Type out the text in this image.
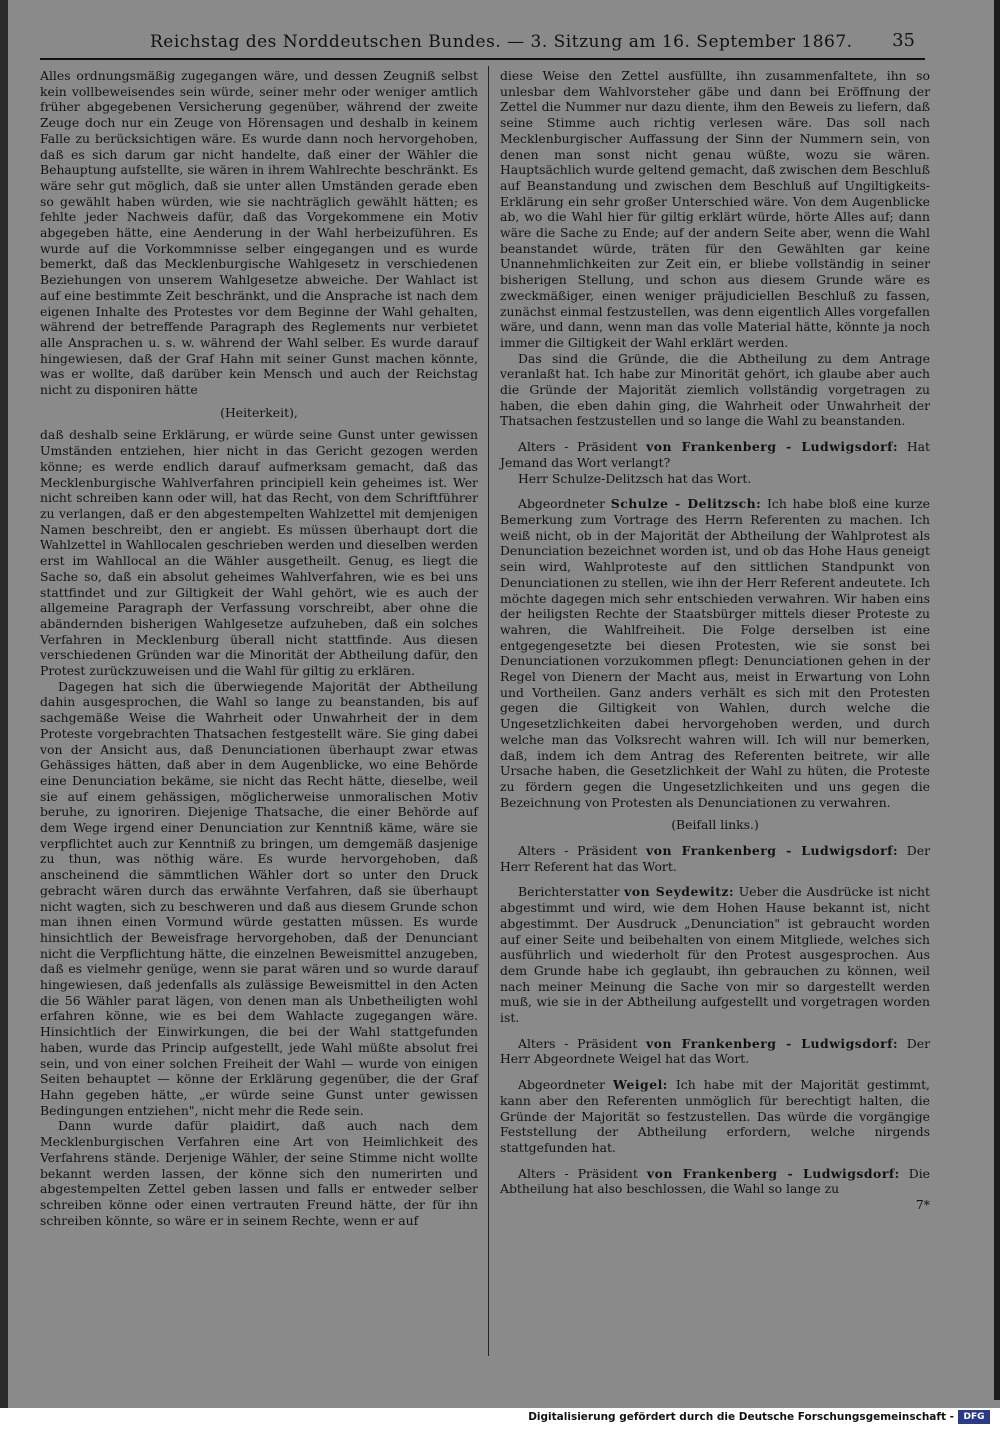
Reichstag des Norddeutschen Bundes. — 3. Sitzung am 16. September 1867. 35

Alles ordnungsmäßig zugegangen wäre, und dessen Zeugniß selbst kein vollbeweisendes sein würde, seiner mehr oder weniger amtlich früher abgegebenen Versicherung gegenüber, während der zweite Zeuge doch nur ein Zeuge von Hörensagen und deshalb in keinem Falle zu berücksichtigen wäre. Es wurde dann noch hervorgehoben, daß es sich darum gar nicht handelte, daß einer der Wähler die Behauptung aufstellte, sie wären in ihrem Wahlrechte beschränkt. Es wäre sehr gut möglich, daß sie unter allen Umständen gerade eben so gewählt haben würden, wie sie nachträglich gewählt hätten; es fehlte jeder Nachweis dafür, daß das Vorgekommene ein Motiv abgegeben hätte, eine Aenderung in der Wahl herbeizuführen. Es wurde auf die Vorkommnisse selber eingegangen und es wurde bemerkt, daß das Mecklenburgische Wahlgesetz in verschiedenen Beziehungen von unserem Wahlgesetze abweiche. Der Wahlact ist auf eine bestimmte Zeit beschränkt, und die Ansprache ist nach dem eigenen Inhalte des Protestes vor dem Beginne der Wahl gehalten, während der betreffende Paragraph des Reglements nur verbietet alle Ansprachen u. s. w. während der Wahl selber. Es wurde darauf hingewiesen, daß der Graf Hahn mit seiner Gunst machen könnte, was er wollte, daß darüber kein Mensch und auch der Reichstag nicht zu disponiren hätte

(Heiterkeit),

daß deshalb seine Erklärung, er würde seine Gunst unter gewissen Umständen entziehen, hier nicht in das Gericht gezogen werden könne; es werde endlich darauf aufmerksam gemacht, daß das Mecklenburgische Wahlverfahren principiell kein geheimes ist. Wer nicht schreiben kann oder will, hat das Recht, von dem Schriftführer zu verlangen, daß er den abgestempelten Wahlzettel mit demjenigen Namen beschreibt, den er angiebt. Es müssen überhaupt dort die Wahlzettel in Wahllocalen geschrieben werden und dieselben werden erst im Wahllocal an die Wähler ausgetheilt. Genug, es liegt die Sache so, daß ein absolut geheimes Wahlverfahren, wie es bei uns stattfindet und zur Giltigkeit der Wahl gehört, wie es auch der allgemeine Paragraph der Verfassung vorschreibt, aber ohne die abändernden bisherigen Wahlgesetze aufzuheben, daß ein solches Verfahren in Mecklenburg überall nicht stattfinde. Aus diesen verschiedenen Gründen war die Minorität der Abtheilung dafür, den Protest zurückzuweisen und die Wahl für giltig zu erklären.

Dagegen hat sich die überwiegende Majorität der Abtheilung dahin ausgesprochen, die Wahl so lange zu beanstanden, bis auf sachgemäße Weise die Wahrheit oder Unwahrheit der in dem Proteste vorgebrachten Thatsachen festgestellt wäre. Sie ging dabei von der Ansicht aus, daß Denunciationen überhaupt zwar etwas Gehässiges hätten, daß aber in dem Augenblicke, wo eine Behörde eine Denunciation bekäme, sie nicht das Recht hätte, dieselbe, weil sie auf einem gehässigen, möglicherweise unmoralischen Motiv beruhe, zu ignoriren. Diejenige Thatsache, die einer Behörde auf dem Wege irgend einer Denunciation zur Kenntniß käme, wäre sie verpflichtet auch zur Kenntniß zu bringen, um demgemäß dasjenige zu thun, was nöthig wäre. Es wurde hervorgehoben, daß anscheinend die sämmtlichen Wähler dort so unter den Druck gebracht wären durch das erwähnte Verfahren, daß sie überhaupt nicht wagten, sich zu beschweren und daß aus diesem Grunde schon man ihnen einen Vormund würde gestatten müssen. Es wurde hinsichtlich der Beweisfrage hervorgehoben, daß der Denunciant nicht die Verpflichtung hätte, die einzelnen Beweismittel anzugeben, daß es vielmehr genüge, wenn sie parat wären und so wurde darauf hingewiesen, daß jedenfalls als zulässige Beweismittel in den Acten die 56 Wähler parat lägen, von denen man als Unbetheiligten wohl erfahren könne, wie es bei dem Wahlacte zugegangen wäre. Hinsichtlich der Einwirkungen, die bei der Wahl stattgefunden haben, wurde das Princip aufgestellt, jede Wahl müßte absolut frei sein, und von einer solchen Freiheit der Wahl — wurde von einigen Seiten behauptet — könne der Erklärung gegenüber, die der Graf Hahn gegeben hätte, „er würde seine Gunst unter gewissen Bedingungen entziehen", nicht mehr die Rede sein.

Dann wurde dafür plaidirt, daß auch nach dem Mecklenburgischen Verfahren eine Art von Heimlichkeit des Verfahrens stände. Derjenige Wähler, der seine Stimme nicht wollte bekannt werden lassen, der könne sich den numerirten und abgestempelten Zettel geben lassen und falls er entweder selber schreiben könne oder einen vertrauten Freund hätte, der für ihn schreiben könnte, so wäre er in seinem Rechte, wenn er auf

diese Weise den Zettel ausfüllte, ihn zusammenfaltete, ihn so unlesbar dem Wahlvorsteher gäbe und dann bei Eröffnung der Zettel die Nummer nur dazu diente, ihm den Beweis zu liefern, daß seine Stimme auch richtig verlesen wäre. Das soll nach Mecklenburgischer Auffassung der Sinn der Nummern sein, von denen man sonst nicht genau wüßte, wozu sie wären. Hauptsächlich wurde geltend gemacht, daß zwischen dem Beschluß auf Beanstandung und zwischen dem Beschluß auf Ungiltigkeits-Erklärung ein sehr großer Unterschied wäre. Von dem Augenblicke ab, wo die Wahl hier für giltig erklärt würde, hörte Alles auf; dann wäre die Sache zu Ende; auf der andern Seite aber, wenn die Wahl beanstandet würde, träten für den Gewählten gar keine Unannehmlichkeiten zur Zeit ein, er bliebe vollständig in seiner bisherigen Stellung, und schon aus diesem Grunde wäre es zweckmäßiger, einen weniger präjudiciellen Beschluß zu fassen, zunächst einmal festzustellen, was denn eigentlich Alles vorgefallen wäre, und dann, wenn man das volle Material hätte, könnte ja noch immer die Giltigkeit der Wahl erklärt werden.

Das sind die Gründe, die die Abtheilung zu dem Antrage veranlaßt hat. Ich habe zur Minorität gehört, ich glaube aber auch die Gründe der Majorität ziemlich vollständig vorgetragen zu haben, die eben dahin ging, die Wahrheit oder Unwahrheit der Thatsachen festzustellen und so lange die Wahl zu beanstanden.

Alters - Präsident von Frankenberg - Ludwigsdorf: Hat Jemand das Wort verlangt?

Herr Schulze-Delitzsch hat das Wort.

Abgeordneter Schulze - Delitzsch: Ich habe bloß eine kurze Bemerkung zum Vortrage des Herrn Referenten zu machen. Ich weiß nicht, ob in der Majorität der Abtheilung der Wahlprotest als Denunciation bezeichnet worden ist, und ob das Hohe Haus geneigt sein wird, Wahlproteste auf den sittlichen Standpunkt von Denunciationen zu stellen, wie ihn der Herr Referent andeutete. Ich möchte dagegen mich sehr entschieden verwahren. Wir haben eins der heiligsten Rechte der Staatsbürger mittels dieser Proteste zu wahren, die Wahlfreiheit. Die Folge derselben ist eine entgegengesetzte bei diesen Protesten, wie sie sonst bei Denunciationen vorzukommen pflegt: Denunciationen gehen in der Regel von Dienern der Macht aus, meist in Erwartung von Lohn und Vortheilen. Ganz anders verhält es sich mit den Protesten gegen die Giltigkeit von Wahlen, durch welche die Ungesetzlichkeiten dabei hervorgehoben werden, und durch welche man das Volksrecht wahren will. Ich will nur bemerken, daß, indem ich dem Antrag des Referenten beitrete, wir alle Ursache haben, die Gesetzlichkeit der Wahl zu hüten, die Proteste zu fördern gegen die Ungesetzlichkeiten und uns gegen die Bezeichnung von Protesten als Denunciationen zu verwahren.

(Beifall links.)

Alters - Präsident von Frankenberg - Ludwigsdorf: Der Herr Referent hat das Wort.

Berichterstatter von Seydewitz: Ueber die Ausdrücke ist nicht abgestimmt und wird, wie dem Hohen Hause bekannt ist, nicht abgestimmt. Der Ausdruck „Denunciation" ist gebraucht worden auf einer Seite und beibehalten von einem Mitgliede, welches sich ausführlich und wiederholt für den Protest ausgesprochen. Aus dem Grunde habe ich geglaubt, ihn gebrauchen zu können, weil nach meiner Meinung die Sache von mir so dargestellt werden muß, wie sie in der Abtheilung aufgestellt und vorgetragen worden ist.

Alters - Präsident von Frankenberg - Ludwigsdorf: Der Herr Abgeordnete Weigel hat das Wort.

Abgeordneter Weigel: Ich habe mit der Majorität gestimmt, kann aber den Referenten unmöglich für berechtigt halten, die Gründe der Majorität so festzustellen. Das würde die vorgängige Feststellung der Abtheilung erfordern, welche nirgends stattgefunden hat.

Alters - Präsident von Frankenberg - Ludwigsdorf: Die Abtheilung hat also beschlossen, die Wahl so lange zu

7*

Digitalisierung gefördert durch die Deutsche Forschungsgemeinschaft -	DFG
